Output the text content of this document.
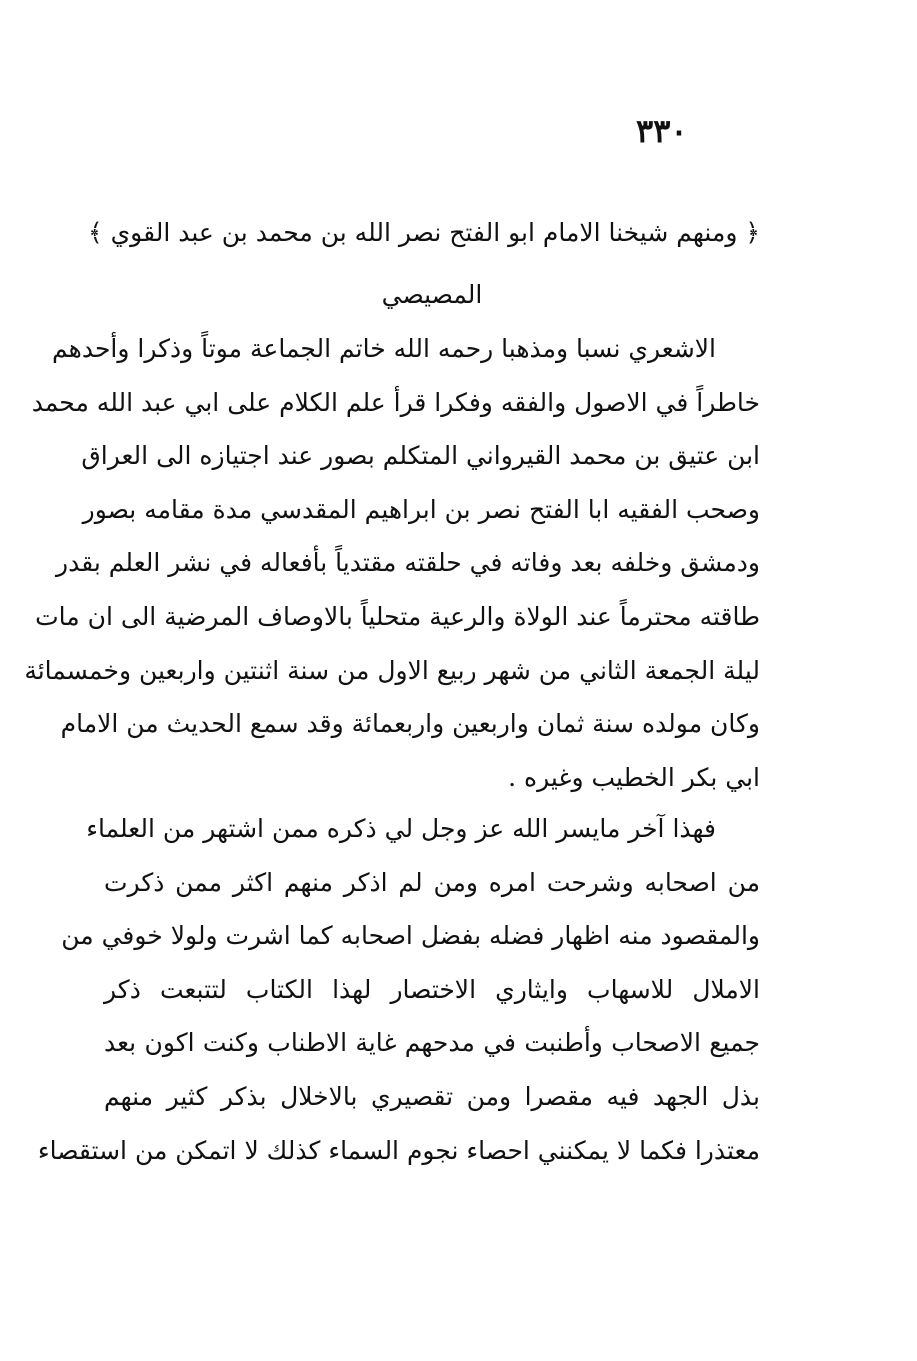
٣٣٠
﴿ ومنهم شيخنا الامام ابو الفتح نصر الله بن محمد بن عبد القوي ﴾
المصيصي
الاشعري نسبا ومذهبا رحمه الله خاتم الجماعة موتاً وذكرا وأحدهم
خاطراً في الاصول والفقه وفكرا قرأ علم الكلام على ابي عبد الله محمد
ابن عتيق بن محمد القيرواني المتكلم بصور عند اجتيازه الى العراق
وصحب الفقيه ابا الفتح نصر بن ابراهيم المقدسي مدة مقامه بصور
ودمشق وخلفه بعد وفاته في حلقته مقتدياً بأفعاله في نشر العلم بقدر
طاقته محترماً عند الولاة والرعية متحلياً بالاوصاف المرضية الى ان مات
ليلة الجمعة الثاني من شهر ربيع الاول من سنة اثنتين واربعين وخمسمائة
وكان مولده سنة ثمان واربعين واربعمائة وقد سمع الحديث من الامام
ابي بكر الخطيب وغيره .
فهذا آخر مايسر الله عز وجل لي ذكره ممن اشتهر من العلماء
من اصحابه وشرحت امره ومن لم اذكر منهم اكثر ممن ذكرت
والمقصود منه اظهار فضله بفضل اصحابه كما اشرت ولولا خوفي من
الاملال للاسهاب وايثاري الاختصار لهذا الكتاب لتتبعت ذكر
جميع الاصحاب وأطنبت في مدحهم غاية الاطناب وكنت اكون بعد
بذل الجهد فيه مقصرا ومن تقصيري بالاخلال بذكر كثير منهم
معتذرا فكما لا يمكنني احصاء نجوم السماء كذلك لا اتمكن من استقصاء
